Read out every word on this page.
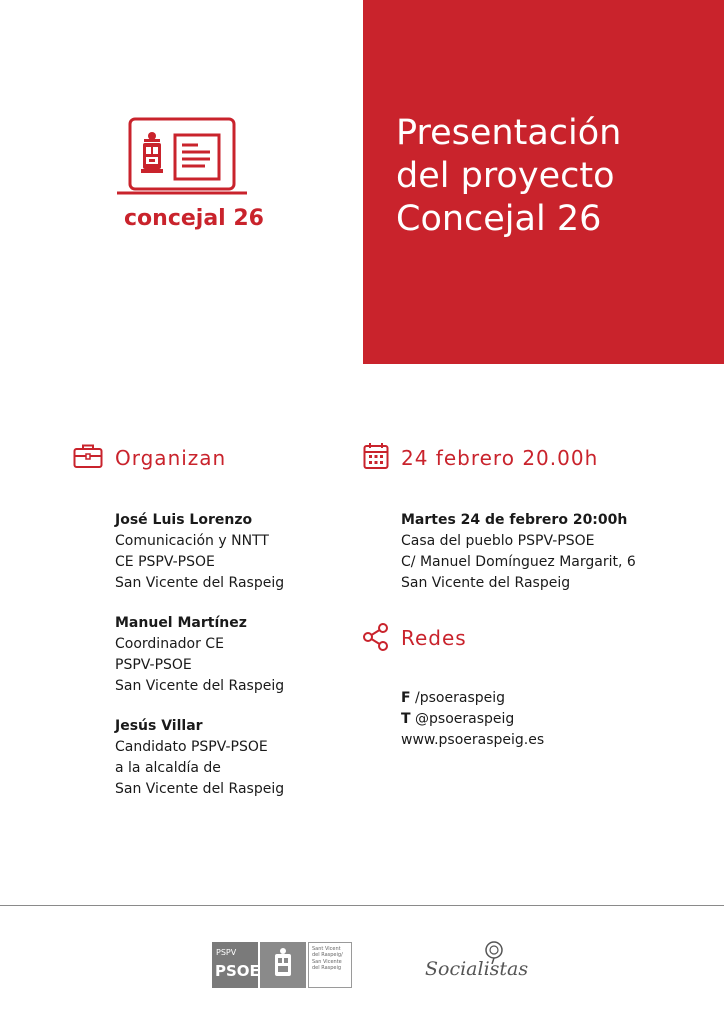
Presentación
del proyecto
Concejal 26
concejal 26
Organizan
José Luis Lorenzo
Comunicación y NNTT
CE PSPV-PSOE
San Vicente del Raspeig
Manuel Martínez
Coordinador CE
PSPV-PSOE
San Vicente del Raspeig
Jesús Villar
Candidato PSPV-PSOE
a la alcaldía de
San Vicente del Raspeig
24 febrero 20.00h
Martes 24 de febrero 20:00h
Casa del pueblo PSPV-PSOE
C/ Manuel Domínguez Margarit, 6
San Vicente del Raspeig
Redes
F /psoeraspeig
T @psoeraspeig
www.psoeraspeig.es
PSPV
PSOE
Sant Vicent
del Raspeig/
San Vicente
del Raspeig	Socialistas
